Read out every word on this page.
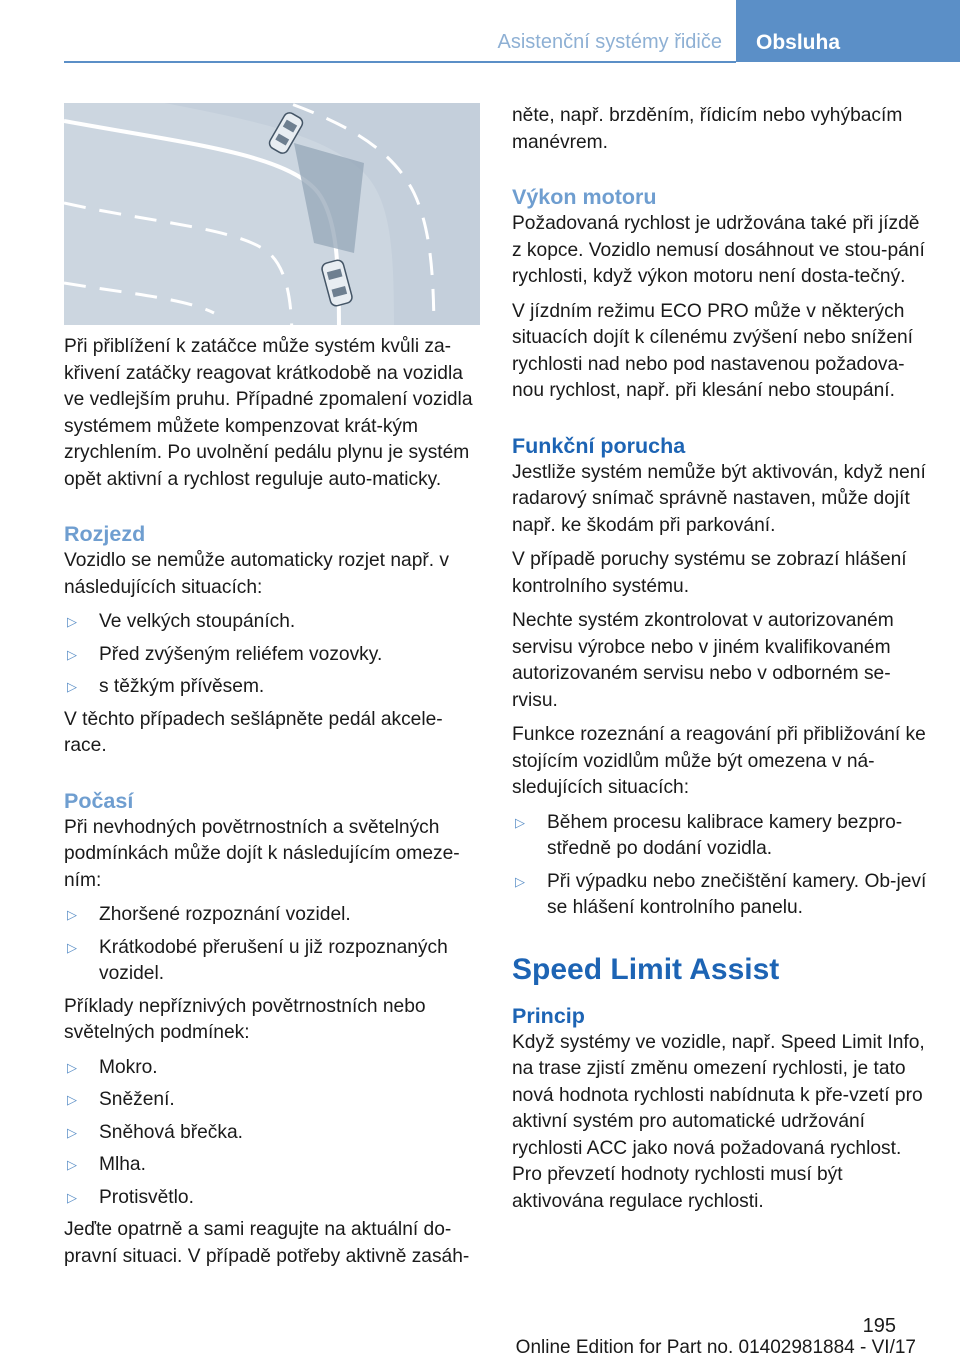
Asistenční systémy řidiče	Obsluha

Při přiblížení k zatáčce může systém kvůli za‐křivení zatáčky reagovat krátkodobě na vozidla ve vedlejším pruhu. Případné zpomalení vozidla systémem můžete kompenzovat krát‐kým zrychlením. Po uvolnění pedálu plynu je systém opět aktivní a rychlost reguluje auto‐maticky.

Rozjezd

Vozidlo se nemůže automaticky rozjet např. v následujících situacích:

▷ Ve velkých stoupáních.
▷ Před zvýšeným reliéfem vozovky.
▷ s těžkým přívěsem.

V těchto případech sešlápněte pedál akcele‐race.

Počasí

Při nevhodných povětrnostních a světelných podmínkách může dojít k následujícím omeze‐ním:

▷ Zhoršené rozpoznání vozidel.
▷ Krátkodobé přerušení u již rozpoznaných vozidel.

Příklady nepříznivých povětrnostních nebo světelných podmínek:

▷ Mokro.
▷ Sněžení.
▷ Sněhová břečka.
▷ Mlha.
▷ Protisvětlo.

Jeďte opatrně a sami reagujte na aktuální do‐pravní situaci. V případě potřeby aktivně zasáh‐

něte, např. brzděním, řídicím nebo vyhýbacím manévrem.

Výkon motoru

Požadovaná rychlost je udržována také při jízdě z kopce. Vozidlo nemusí dosáhnout ve stou‐pání rychlosti, když výkon motoru není dosta‐tečný.

V jízdním režimu ECO PRO může v některých situacích dojít k cílenému zvýšení nebo snížení rychlosti nad nebo pod nastavenou požadova‐nou rychlost, např. při klesání nebo stoupání.

Funkční porucha

Jestliže systém nemůže být aktivován, když není radarový snímač správně nastaven, může dojít např. ke škodám při parkování.

V případě poruchy systému se zobrazí hlášení kontrolního systému.

Nechte systém zkontrolovat v autorizovaném servisu výrobce nebo v jiném kvalifikovaném autorizovaném servisu nebo v odborném se‐rvisu.

Funkce rozeznání a reagování při přibližování ke stojícím vozidlům může být omezena v ná‐sledujících situacích:

▷ Během procesu kalibrace kamery bezpro‐středně po dodání vozidla.
▷ Při výpadku nebo znečištění kamery. Ob‐jeví se hlášení kontrolního panelu.
Speed Limit Assist
Princip

Když systémy ve vozidle, např. Speed Limit Info, na trase zjistí změnu omezení rychlosti, je tato nová hodnota rychlosti nabídnuta k pře‐vzetí pro aktivní systém pro automatické udržování rychlosti ACC jako nová požadovaná rychlost. Pro převzetí hodnoty rychlosti musí být aktivována regulace rychlosti.

195
Online Edition for Part no. 01402981884 - VI/17
